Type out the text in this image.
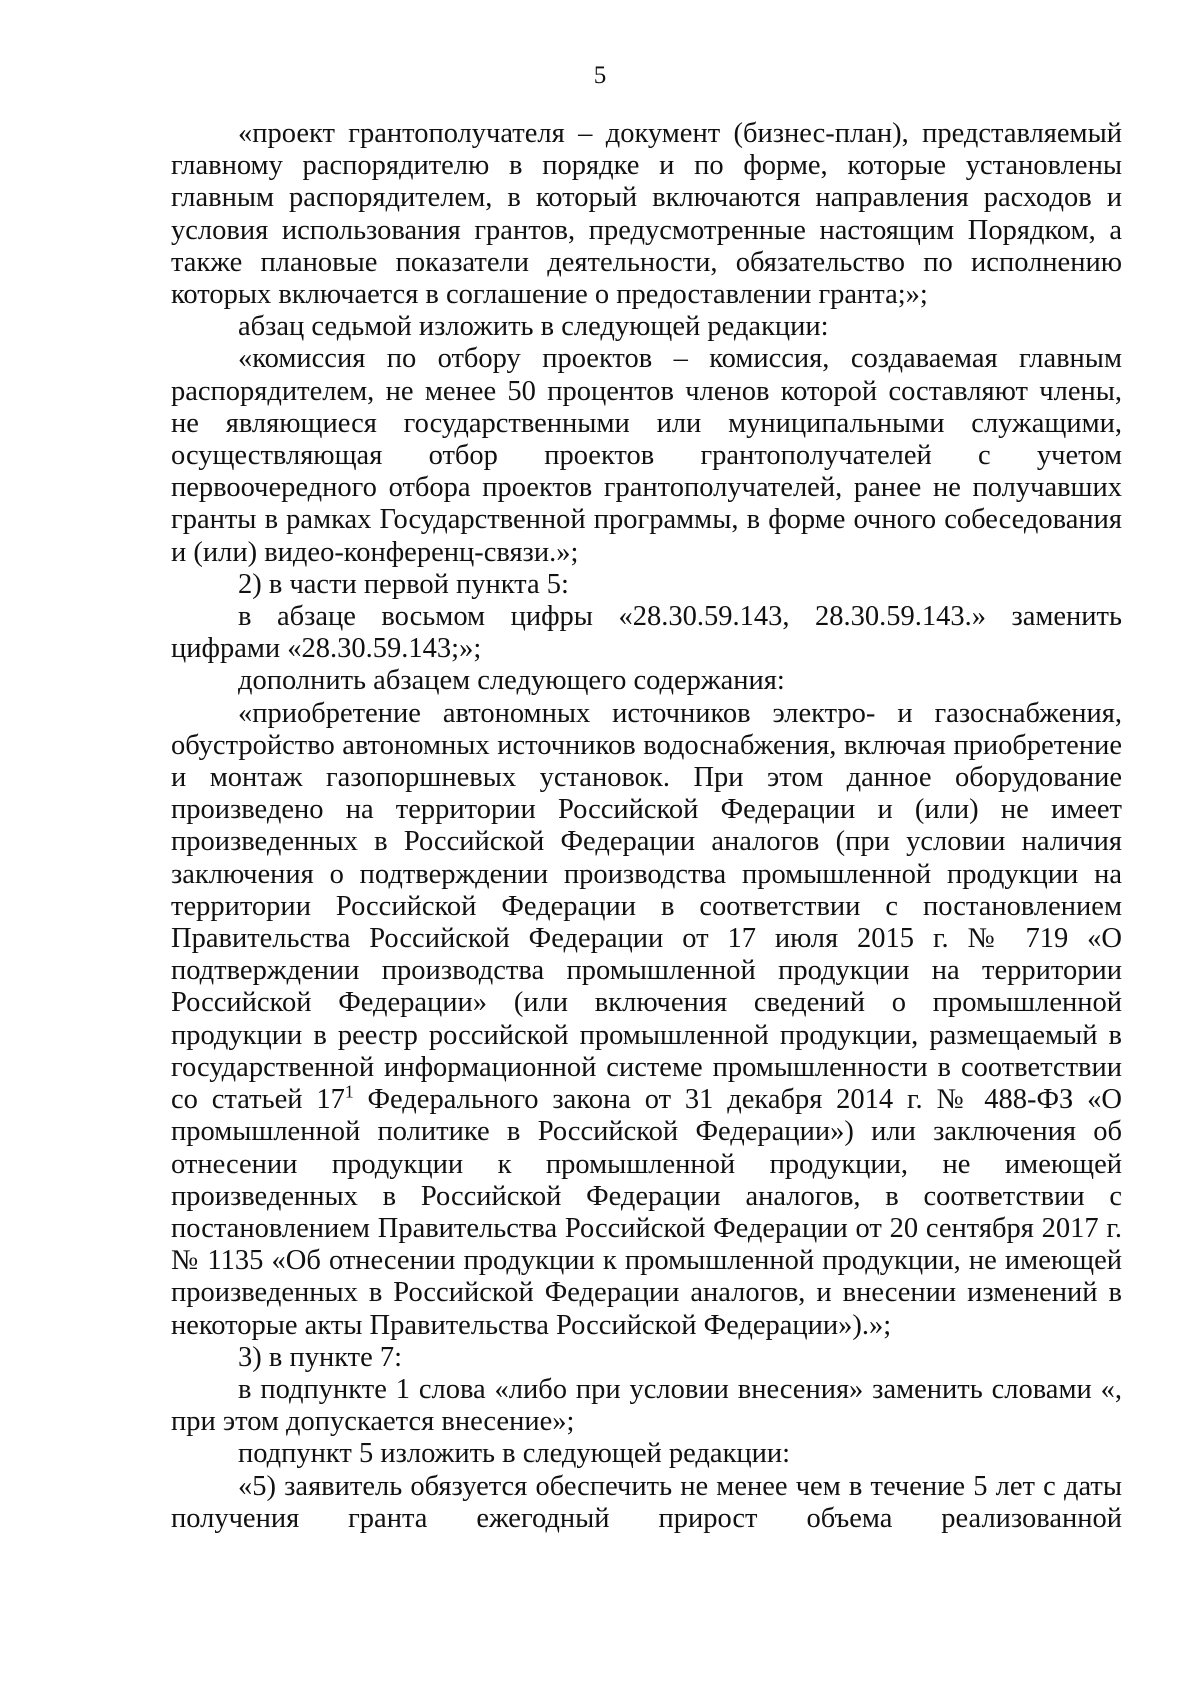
5

«проект грантополучателя – документ (бизнес-план), представляемый главному распорядителю в порядке и по форме, которые установлены главным распорядителем, в который включаются направления расходов и условия использования грантов, предусмотренные настоящим Порядком, а также плановые показатели деятельности, обязательство по исполнению которых включается в соглашение о предоставлении гранта;»;

абзац седьмой изложить в следующей редакции:

«комиссия по отбору проектов – комиссия, создаваемая главным распорядителем, не менее 50 процентов членов которой составляют члены, не являющиеся государственными или муниципальными служащими, осуществляющая отбор проектов грантополучателей с учетом первоочередного отбора проектов грантополучателей, ранее не получавших гранты в рамках Государственной программы, в форме очного собеседования и (или) видео-конференц-связи.»;

2) в части первой пункта 5:

в абзаце восьмом цифры «28.30.59.143, 28.30.59.143.» заменить цифрами «28.30.59.143;»;

дополнить абзацем следующего содержания:

«приобретение автономных источников электро- и газоснабжения, обустройство автономных источников водоснабжения, включая приобретение и монтаж газопоршневых установок. При этом данное оборудование произведено на территории Российской Федерации и (или) не имеет произведенных в Российской Федерации аналогов (при условии наличия заключения о подтверждении производства промышленной продукции на территории Российской Федерации в соответствии с постановлением Правительства Российской Федерации от 17 июля 2015 г. № 719 «О подтверждении производства промышленной продукции на территории Российской Федерации» (или включения сведений о промышленной продукции в реестр российской промышленной продукции, размещаемый в государственной информационной системе промышленности в соответствии со статьей $17^1$ Федерального закона от 31 декабря 2014 г. № 488-ФЗ «О промышленной политике в Российской Федерации») или заключения об отнесении продукции к промышленной продукции, не имеющей произведенных в Российской Федерации аналогов, в соответствии с постановлением Правительства Российской Федерации от 20 сентября 2017 г. № 1135 «Об отнесении продукции к промышленной продукции, не имеющей произведенных в Российской Федерации аналогов, и внесении изменений в некоторые акты Правительства Российской Федерации»).»;

3) в пункте 7:

в подпункте 1 слова «либо при условии внесения» заменить словами «, при этом допускается внесение»;

подпункт 5 изложить в следующей редакции:

«5) заявитель обязуется обеспечить не менее чем в течение 5 лет с даты получения гранта ежегодный прирост объема реализованной
